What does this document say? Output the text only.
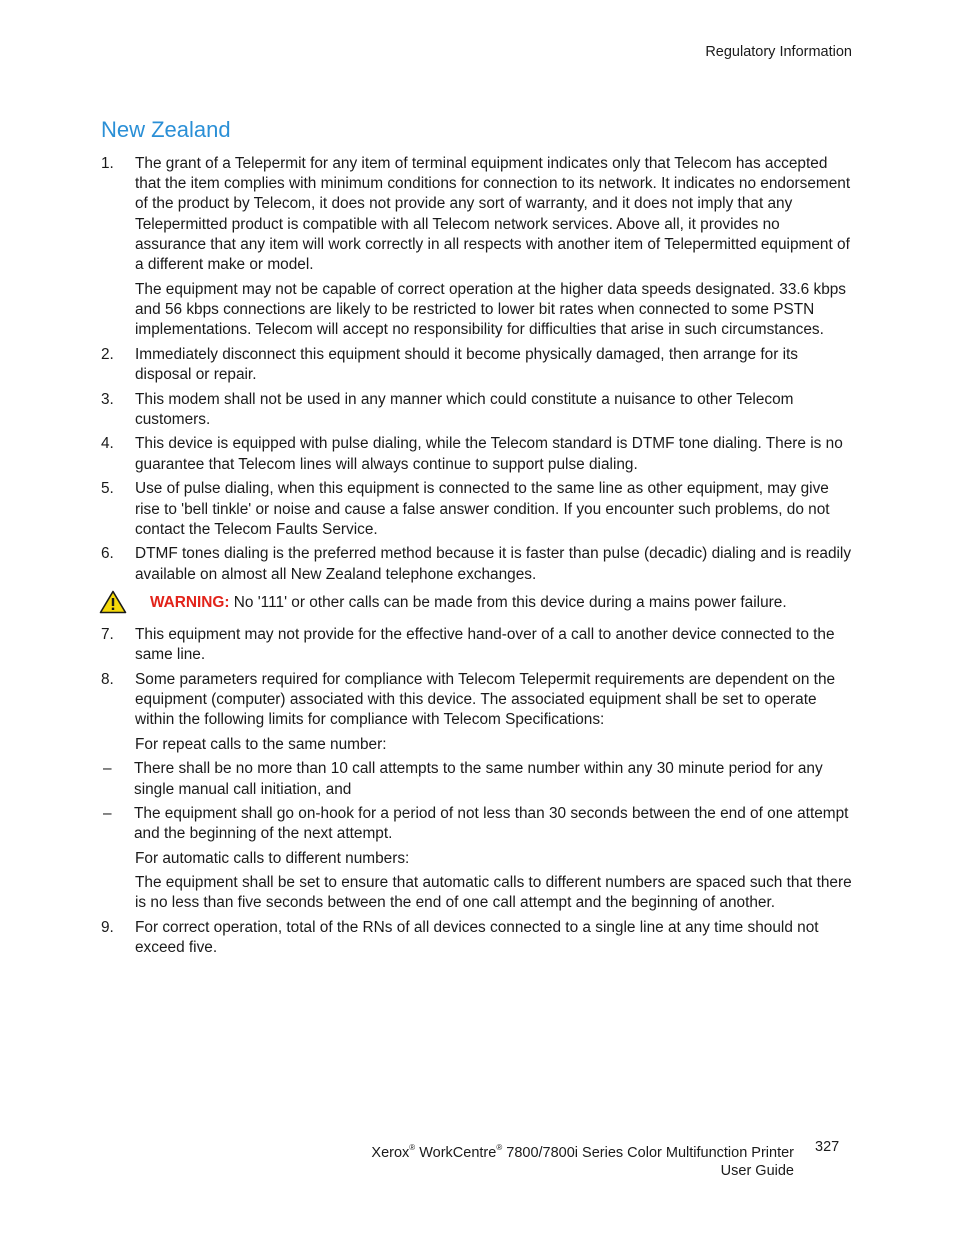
Regulatory Information
New Zealand
1. The grant of a Telepermit for any item of terminal equipment indicates only that Telecom has accepted that the item complies with minimum conditions for connection to its network. It indicates no endorsement of the product by Telecom, it does not provide any sort of warranty, and it does not imply that any Telepermitted product is compatible with all Telecom network services. Above all, it provides no assurance that any item will work correctly in all respects with another item of Telepermitted equipment of a different make or model.

The equipment may not be capable of correct operation at the higher data speeds designated. 33.6 kbps and 56 kbps connections are likely to be restricted to lower bit rates when connected to some PSTN implementations. Telecom will accept no responsibility for difficulties that arise in such circumstances.

2. Immediately disconnect this equipment should it become physically damaged, then arrange for its disposal or repair.

3. This modem shall not be used in any manner which could constitute a nuisance to other Telecom customers.

4. This device is equipped with pulse dialing, while the Telecom standard is DTMF tone dialing. There is no guarantee that Telecom lines will always continue to support pulse dialing.

5. Use of pulse dialing, when this equipment is connected to the same line as other equipment, may give rise to 'bell tinkle' or noise and cause a false answer condition. If you encounter such problems, do not contact the Telecom Faults Service.

6. DTMF tones dialing is the preferred method because it is faster than pulse (decadic) dialing and is readily available on almost all New Zealand telephone exchanges.

WARNING: No '111' or other calls can be made from this device during a mains power failure.
7. This equipment may not provide for the effective hand-over of a call to another device connected to the same line.

8. Some parameters required for compliance with Telecom Telepermit requirements are dependent on the equipment (computer) associated with this device. The associated equipment shall be set to operate within the following limits for compliance with Telecom Specifications:

For repeat calls to the same number:

– There shall be no more than 10 call attempts to the same number within any 30 minute period for any single manual call initiation, and
– The equipment shall go on-hook for a period of not less than 30 seconds between the end of one attempt and the beginning of the next attempt.

For automatic calls to different numbers:

The equipment shall be set to ensure that automatic calls to different numbers are spaced such that there is no less than five seconds between the end of one call attempt and the beginning of another.

9. For correct operation, total of the RNs of all devices connected to a single line at any time should not exceed five.

Xerox® WorkCentre® 7800/7800i Series Color Multifunction Printer
User Guide
327
